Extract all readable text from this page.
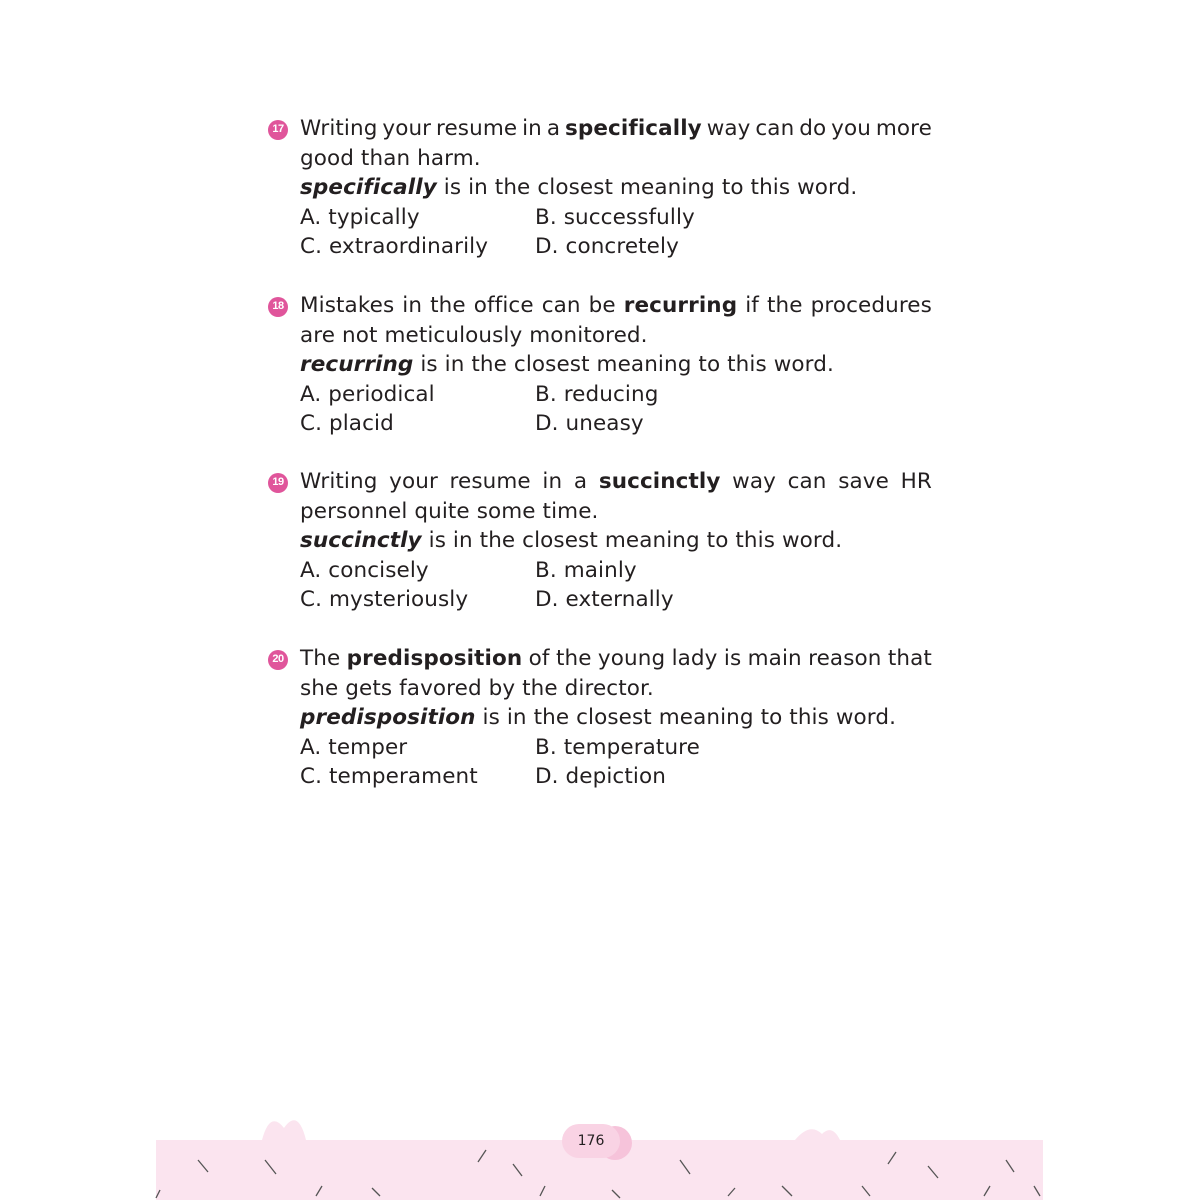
17 Writing your resume in a specifically way can do you more
good than harm.
specifically is in the closest meaning to this word.
A. typically	B. successfully
C. extraordinarily	D. concretely
18 Mistakes in the office can be recurring if the procedures
are not meticulously monitored.
recurring is in the closest meaning to this word.
A. periodical	B. reducing
C. placid	D. uneasy
19 Writing your resume in a succinctly way can save HR
personnel quite some time.
succinctly is in the closest meaning to this word.
A. concisely	B. mainly
C. mysteriously	D. externally
20 The predisposition of the young lady is main reason that
she gets favored by the director.
predisposition is in the closest meaning to this word.
A. temper	B. temperature
C. temperament	D. depiction
176
